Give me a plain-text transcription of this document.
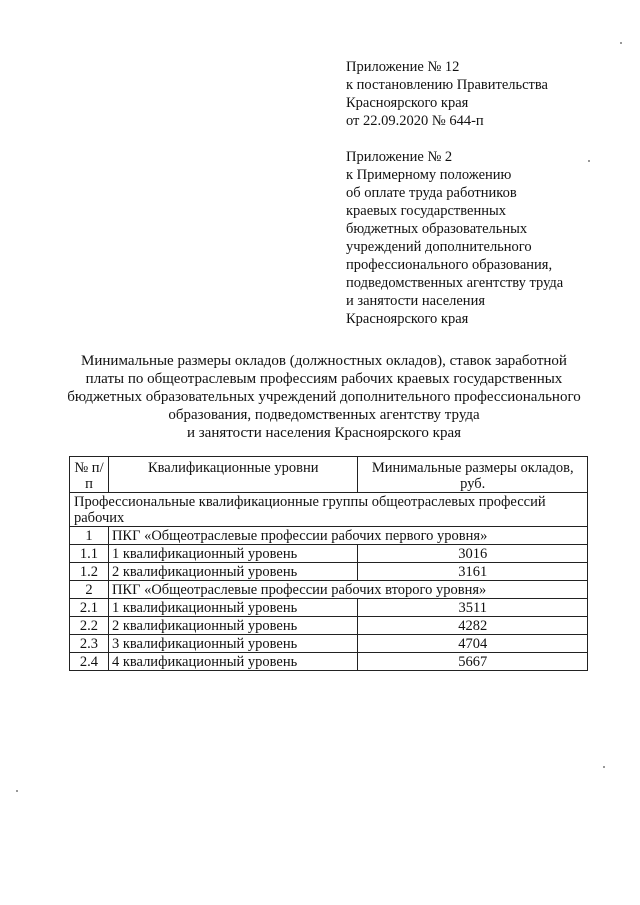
Приложение № 12
к постановлению Правительства
Красноярского края
от 22.09.2020 № 644-п
Приложение № 2
к Примерному положению
об оплате труда работников
краевых государственных
бюджетных образовательных
учреждений дополнительного
профессионального образования,
подведомственных агентству труда
и занятости населения
Красноярского края
Минимальные размеры окладов (должностных окладов), ставок заработной
платы по общеотраслевым профессиям рабочих краевых государственных
бюджетных образовательных учреждений дополнительного профессионального
образования, подведомственных агентству труда
и занятости населения Красноярского края
№ п/п	Квалификационные уровни	Минимальные размеры окладов, руб.
Профессиональные квалификационные группы общеотраслевых профессий рабочих		
1	ПКГ «Общеотраслевые профессии рабочих первого уровня»	
1.1	1 квалификационный уровень	3016
1.2	2 квалификационный уровень	3161
2	ПКГ «Общеотраслевые профессии рабочих второго уровня»	
2.1	1 квалификационный уровень	3511
2.2	2 квалификационный уровень	4282
2.3	3 квалификационный уровень	4704
2.4	4 квалификационный уровень	5667
